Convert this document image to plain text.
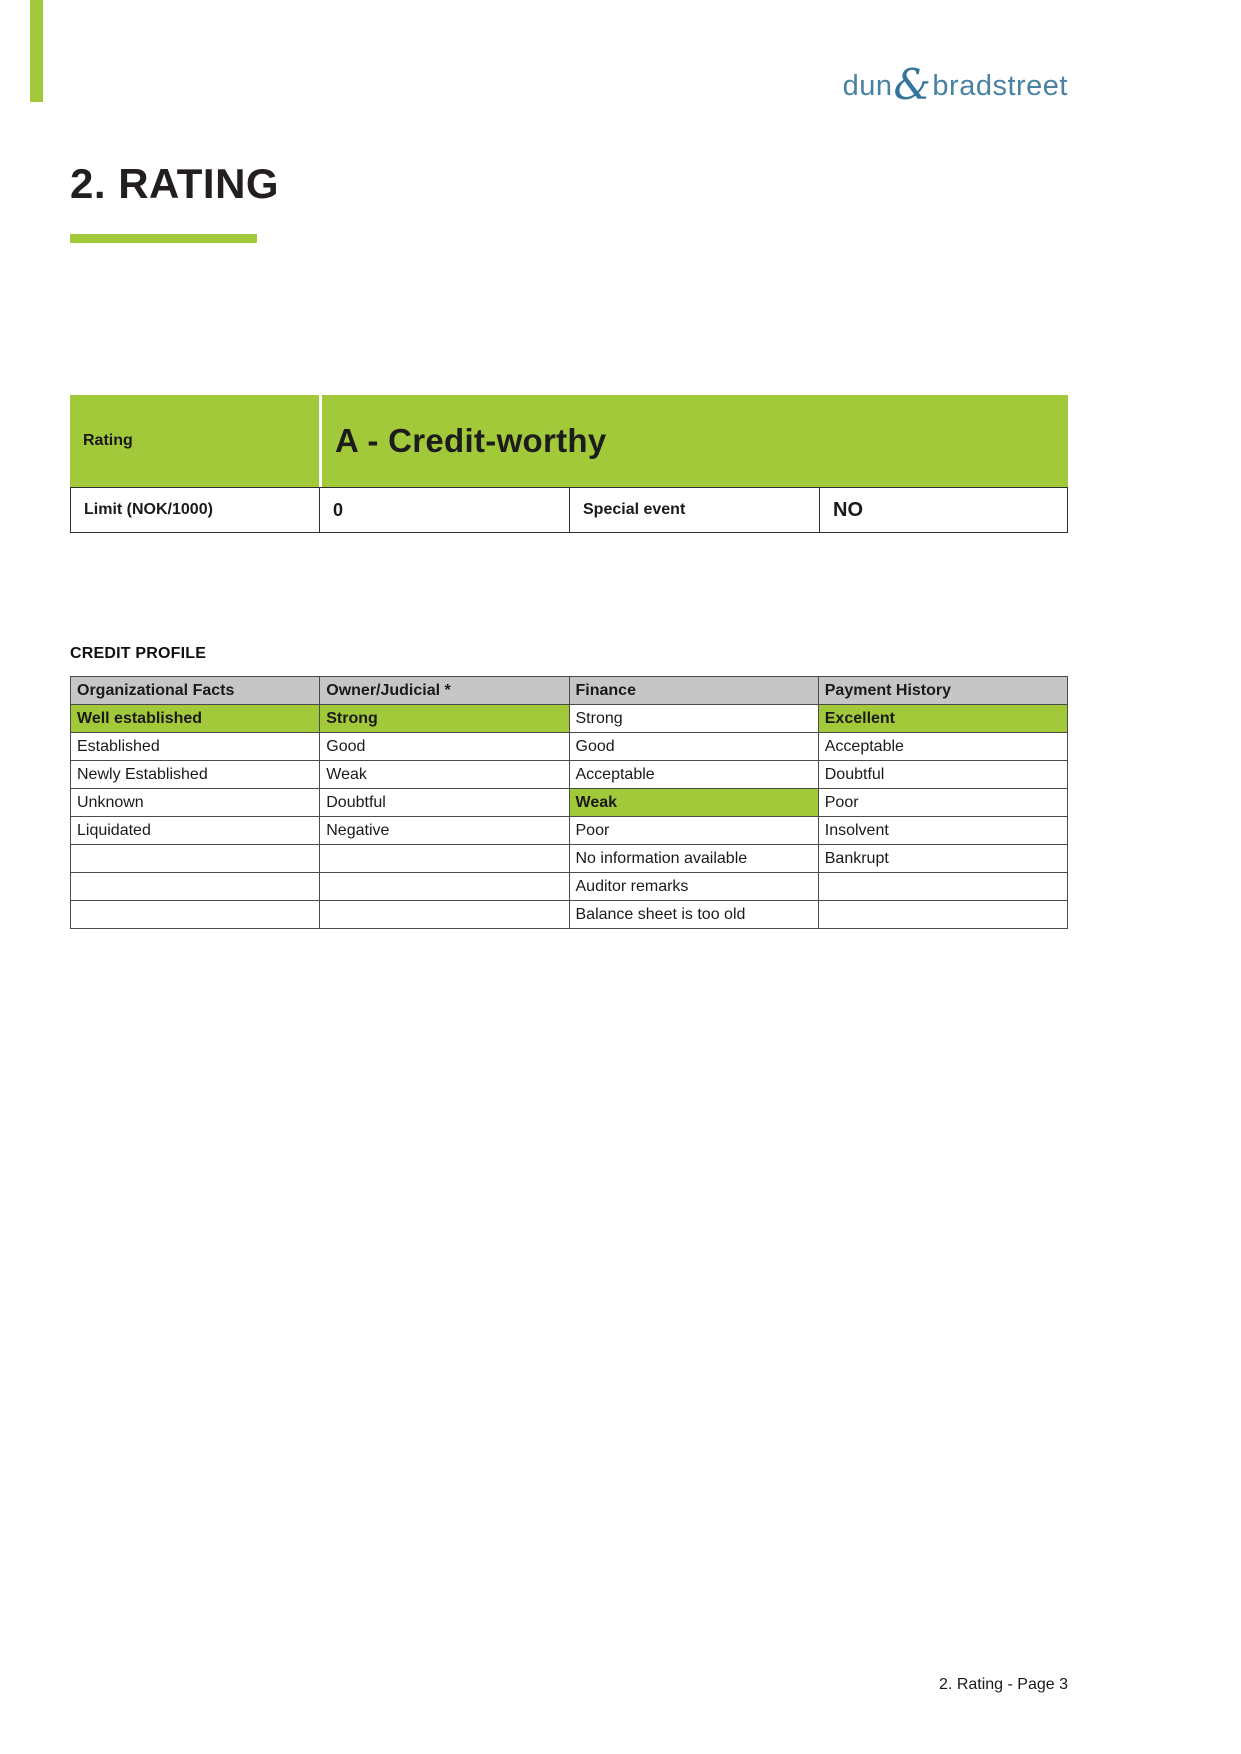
dun&bradstreet
2. RATING
Rating	A - Credit-worthy
Limit (NOK/1000)	0	Special event	NO
CREDIT PROFILE
Organizational Facts	Owner/Judicial *	Finance	Payment History
Well established	Strong	Strong	Excellent
Established	Good	Good	Acceptable
Newly Established	Weak	Acceptable	Doubtful
Unknown	Doubtful	Weak	Poor
Liquidated	Negative	Poor	Insolvent
		No information available	Bankrupt
		Auditor remarks	
		Balance sheet is too old	
2. Rating - Page 3
